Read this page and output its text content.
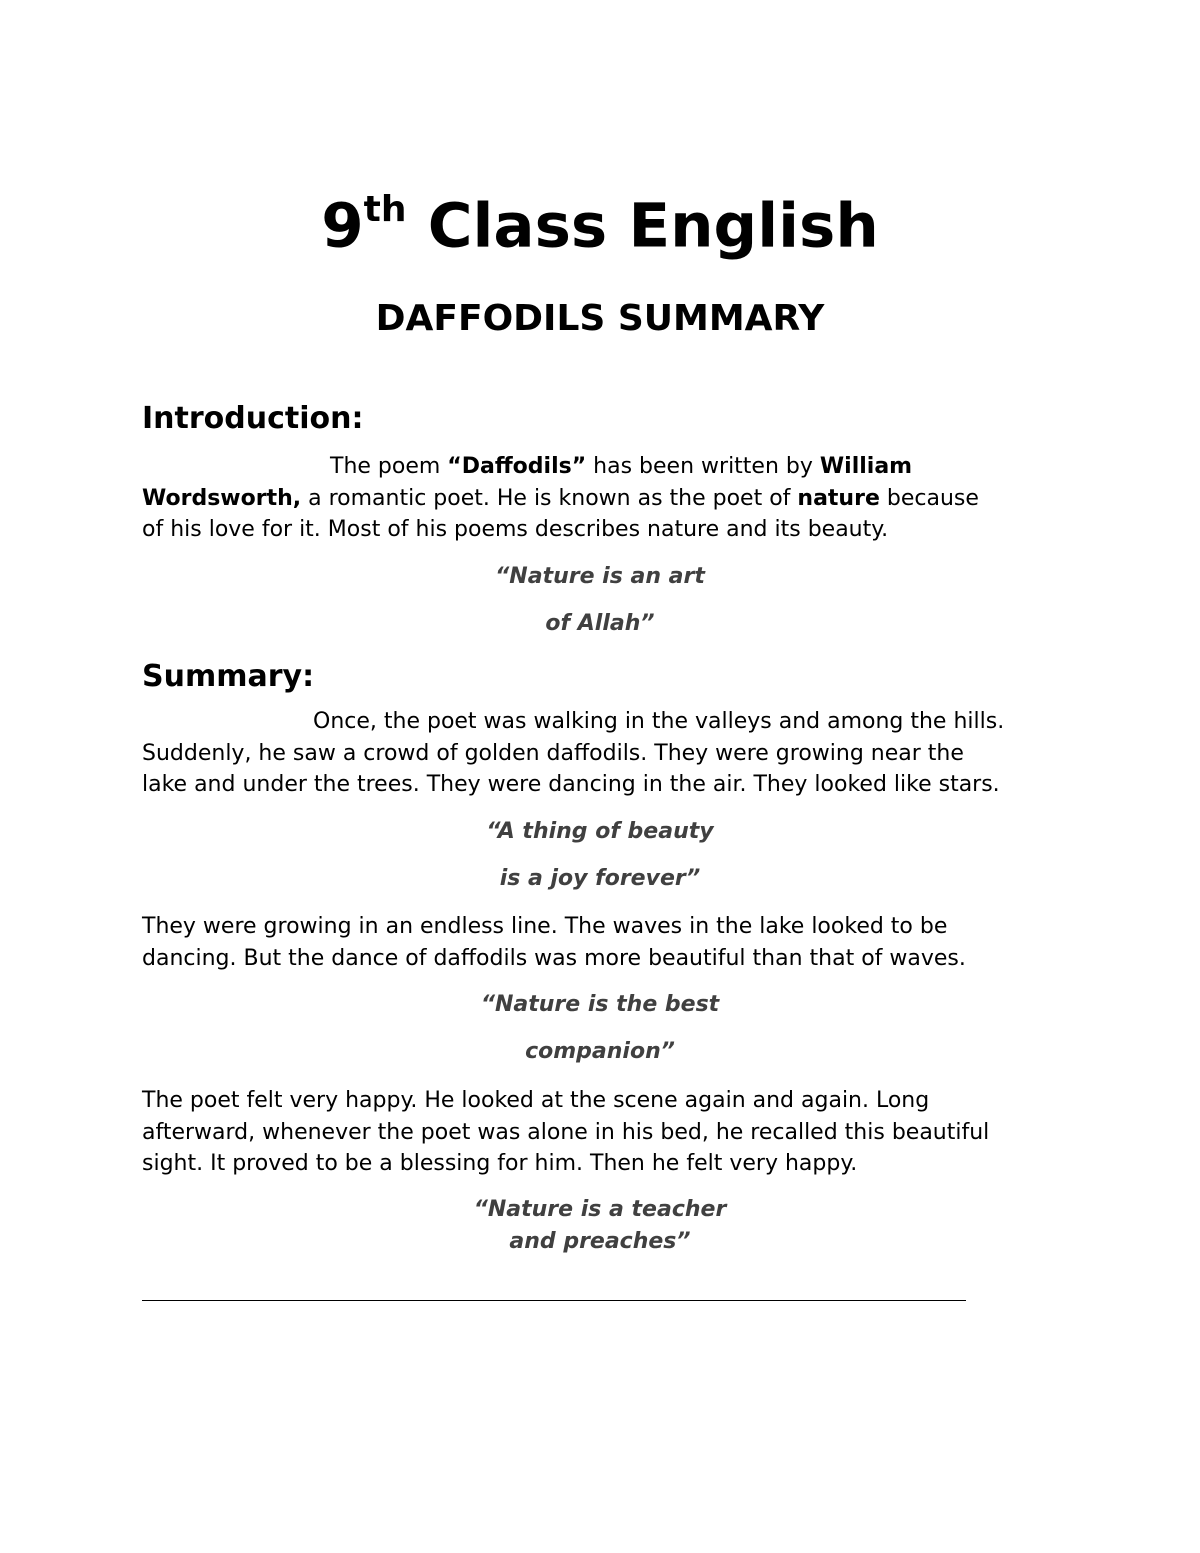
9th Class English
DAFFODILS SUMMARY
Introduction:
The poem “Daffodils” has been written by William
Wordsworth, a romantic poet. He is known as the poet of nature because
of his love for it. Most of his poems describes nature and its beauty.

“Nature is an art

of Allah”

Summary:
Once, the poet was walking in the valleys and among the hills.
Suddenly, he saw a crowd of golden daffodils. They were growing near the
lake and under the trees. They were dancing in the air. They looked like stars.

“A thing of beauty

is a joy forever”

They were growing in an endless line. The waves in the lake looked to be
dancing. But the dance of daffodils was more beautiful than that of waves.

“Nature is the best

companion”

The poet felt very happy. He looked at the scene again and again. Long
afterward, whenever the poet was alone in his bed, he recalled this beautiful
sight. It proved to be a blessing for him. Then he felt very happy.

“Nature is a teacher

and preaches”
